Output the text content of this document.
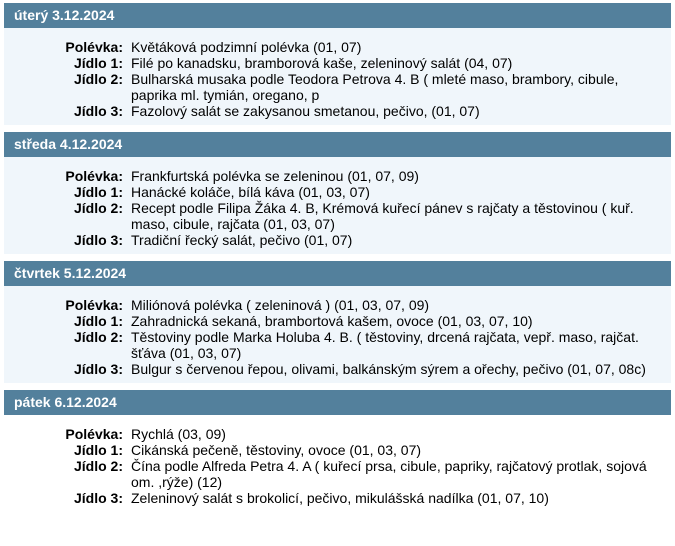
úterý 3.12.2024
Polévka: Květáková podzimní polévka (01, 07)
Jídlo 1: Filé po kanadsku, bramborová kaše, zeleninový salát (04, 07)
Jídlo 2: Bulharská musaka podle Teodora Petrova 4. B ( mleté maso, brambory, cibule, paprika ml. tymián, oregano, p
Jídlo 3: Fazolový salát se zakysanou smetanou, pečivo, (01, 07)
středa 4.12.2024
Polévka: Frankfurtská polévka se zeleninou (01, 07, 09)
Jídlo 1: Hanácké koláče, bílá káva (01, 03, 07)
Jídlo 2: Recept podle Filipa Žáka 4. B, Krémová kuřecí pánev s rajčaty a těstovinou ( kuř. maso, cibule, rajčata (01, 03, 07)
Jídlo 3: Tradiční řecký salát, pečivo (01, 07)
čtvrtek 5.12.2024
Polévka: Miliónová polévka ( zeleninová ) (01, 03, 07, 09)
Jídlo 1: Zahradnická sekaná, brambortová kašem, ovoce (01, 03, 07, 10)
Jídlo 2: Těstoviny podle Marka Holuba 4. B. ( těstoviny, drcená rajčata, vepř. maso, rajčat. šťáva (01, 03, 07)
Jídlo 3: Bulgur s červenou řepou, olivami, balkánským sýrem a ořechy, pečivo (01, 07, 08c)
pátek 6.12.2024
Polévka: Rychlá (03, 09)
Jídlo 1: Cikánská pečeně, těstoviny, ovoce (01, 03, 07)
Jídlo 2: Čína podle Alfreda Petra 4. A ( kuřecí prsa, cibule, papriky, rajčatový protlak, sojová om. ,rýže) (12)
Jídlo 3: Zeleninový salát s brokolicí, pečivo, mikulášská nadílka (01, 07, 10)
